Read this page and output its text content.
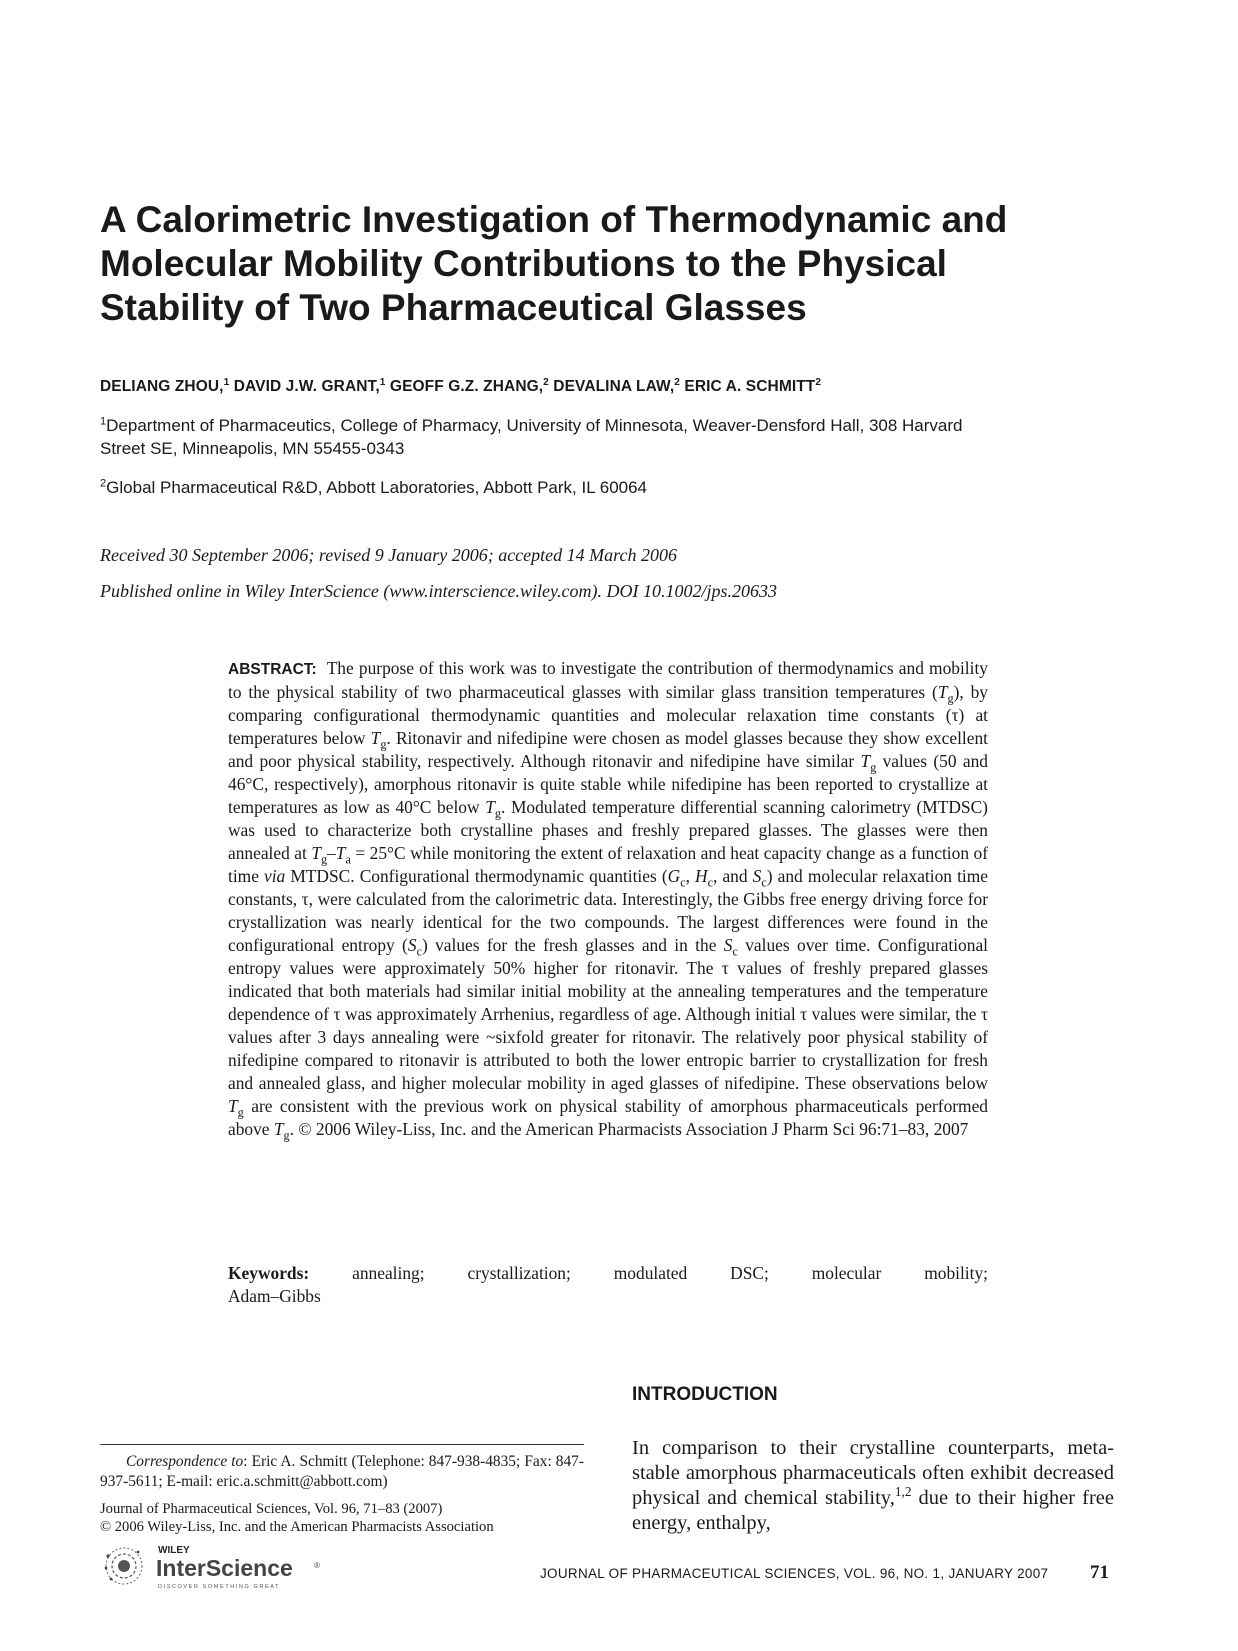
A Calorimetric Investigation of Thermodynamic and Molecular Mobility Contributions to the Physical Stability of Two Pharmaceutical Glasses
DELIANG ZHOU,$^1$ DAVID J.W. GRANT,$^1$ GEOFF G.Z. ZHANG,$^2$ DEVALINA LAW,$^2$ ERIC A. SCHMITT$^2$
$^1$Department of Pharmaceutics, College of Pharmacy, University of Minnesota, Weaver-Densford Hall, 308 Harvard Street SE, Minneapolis, MN 55455-0343
$^2$Global Pharmaceutical R&D, Abbott Laboratories, Abbott Park, IL 60064
Received 30 September 2006; revised 9 January 2006; accepted 14 March 2006
Published online in Wiley InterScience (www.interscience.wiley.com). DOI 10.1002/jps.20633
ABSTRACT: The purpose of this work was to investigate the contribution of thermodynamics and mobility to the physical stability of two pharmaceutical glasses with similar glass transition temperatures $(T_g)$, by comparing configurational thermodynamic quantities and molecular relaxation time constants (τ) at temperatures below $T_g$. Ritonavir and nifedipine were chosen as model glasses because they show excellent and poor physical stability, respectively. Although ritonavir and nifedipine have similar $T_g$ values (50 and 46°C, respectively), amorphous ritonavir is quite stable while nifedipine has been reported to crystallize at temperatures as low as 40°C below $T_g$. Modulated temperature differential scanning calorimetry (MTDSC) was used to characterize both crystalline phases and freshly prepared glasses. The glasses were then annealed at $T_g-T_a = 25^\circ C$ while monitoring the extent of relaxation and heat capacity change as a function of time via MTDSC. Configurational thermodynamic quantities ($G_c$, $H_c$, and $S_c$) and molecular relaxation time constants, τ, were calculated from the calorimetric data. Interestingly, the Gibbs free energy driving force for crystallization was nearly identical for the two compounds. The largest differences were found in the configurational entropy $(S_c)$ values for the fresh glasses and in the $S_c$ values over time. Configurational entropy values were approximately 50% higher for ritonavir. The τ values of freshly prepared glasses indicated that both materials had similar initial mobility at the annealing temperatures and the temperature dependence of τ was approximately Arrhenius, regardless of age. Although initial τ values were similar, the τ values after 3 days annealing were ~sixfold greater for ritonavir. The relatively poor physical stability of nifedipine compared to ritonavir is attributed to both the lower entropic barrier to crystallization for fresh and annealed glass, and higher molecular mobility in aged glasses of nifedipine. These observations below $T_g$ are consistent with the previous work on physical stability of amorphous pharmaceuticals performed above $T_g$. © 2006 Wiley-Liss, Inc. and the American Pharmacists Association J Pharm Sci 96:71–83, 2007
Keywords: annealing; crystallization; modulated DSC; molecular mobility;
Adam–Gibbs
INTRODUCTION
In comparison to their crystalline counterparts, meta-stable amorphous pharmaceuticals often exhibit decreased physical and chemical stability,$^{1,2}$ due to their higher free energy, enthalpy,
Correspondence to: Eric A. Schmitt (Telephone: 847-938-4835; Fax: 847-937-5611; E-mail: eric.a.schmitt@abbott.com)
Journal of Pharmaceutical Sciences, Vol. 96, 71–83 (2007)
© 2006 Wiley-Liss, Inc. and the American Pharmacists Association
WILEY
InterScience	®
DISCOVER SOMETHING GREAT
JOURNAL OF PHARMACEUTICAL SCIENCES, VOL. 96, NO. 1, JANUARY 2007 71
